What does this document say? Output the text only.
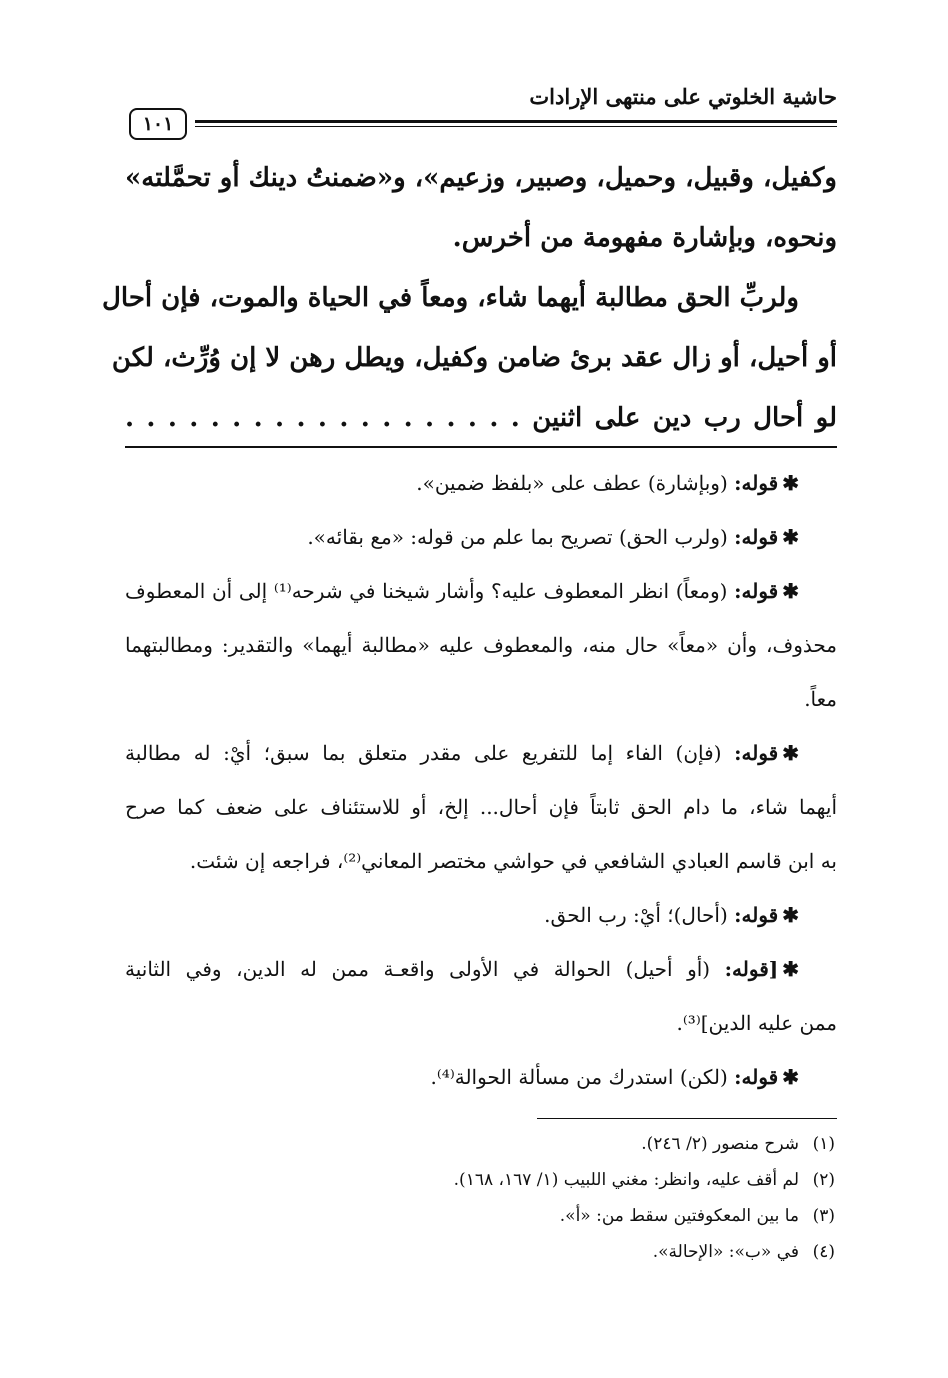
حاشية الخلوتي على منتهى الإرادات
١٠١
وكفيل، وقبيل، وحميل، وصبير، وزعيم»، و«ضمنتُ دينك أو تحمَّلته»
ونحوه، وبإشارة مفهومة من أخرس.
ولربِّ الحق مطالبة أيهما شاء، ومعاً في الحياة والموت، فإن أحال
أو أحيل، أو زال عقد برئ ضامن وكفيل، ويطل رهن لا إن وُرِّث، لكن
لو أحال رب دين على اثنين . . . . . . . . . . . . . . . . . . .
✱قوله: (وبإشارة) عطف على «بلفظ ضمين».
✱قوله: (ولرب الحق) تصريح بما علم من قوله: «مع بقائه».
✱قوله: (ومعاً) انظر المعطوف عليه؟ وأشار شيخنا في شرحه⁽¹⁾ إلى أن المعطوف
محذوف، وأن «معاً» حال منه، والمعطوف عليه «مطالبة أيهما» والتقدير: ومطالبتهما
معاً.
✱قوله: (فإن) الفاء إما للتفريع على مقدر متعلق بما سبق؛ أيْ: له مطالبة
أيهما شاء، ما دام الحق ثابتاً فإن أحال... إلخ، أو للاستئناف على ضعف كما صرح
به ابن قاسم العبادي الشافعي في حواشي مختصر المعاني⁽²⁾، فراجعه إن شئت.
✱قوله: (أحال)؛ أيْ: رب الحق.
✱[قوله: (أو أحيل) الحوالة في الأولى واقعـة ممن له الدين، وفي الثانية
ممن عليه الدين]⁽³⁾.
✱قوله: (لكن) استدرك من مسألة الحوالة⁽⁴⁾.
(١)شرح منصور (٢/ ٢٤٦).
(٢)لم أقف عليه، وانظر: مغني اللبيب (١/ ١٦٧، ١٦٨).
(٣)ما بين المعكوفتين سقط من: «أ».
(٤)في «ب»: «الإحالة».
